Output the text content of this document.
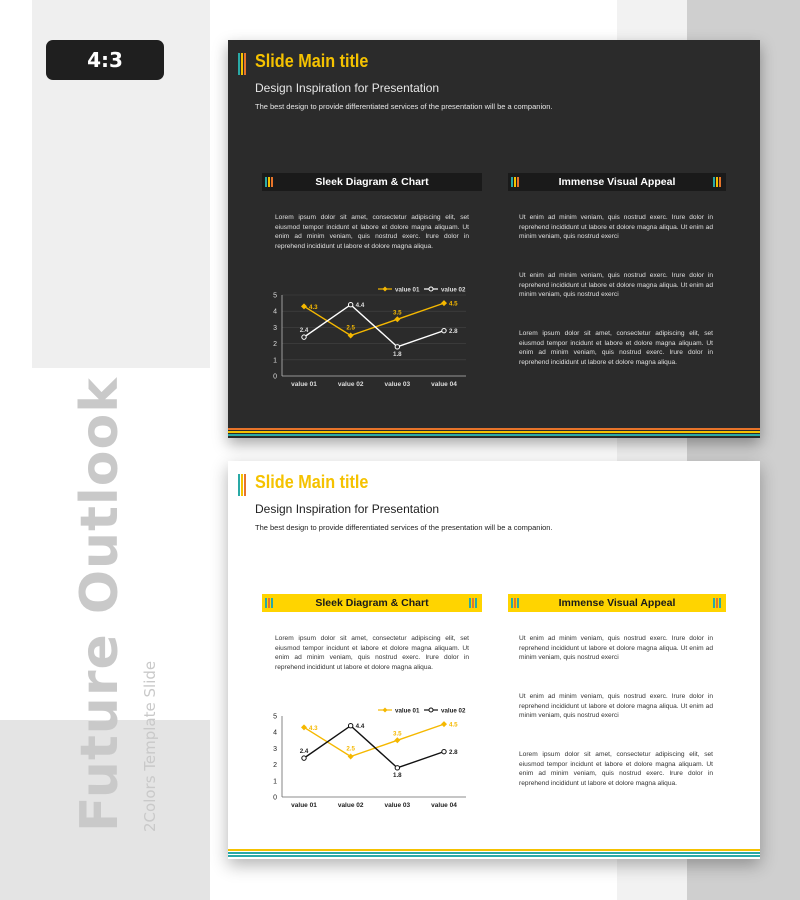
4:3
Future Outlook 2Colors Template Slide
Slide Main title
Design Inspiration for Presentation
The best design to provide differentiated services of the presentation will be a companion.
Sleek Diagram & Chart	Immense Visual Appeal
Lorem ipsum dolor sit amet, consectetur adipiscing elit, set eiusmod tempor incidunt et labore et dolore magna aliquam. Ut enim ad minim veniam, quis nostrud exerc. Irure dolor in reprehend incididunt ut labore et dolore magna aliqua.
Ut enim ad minim veniam, quis nostrud exerc. Irure dolor in reprehend incididunt ut labore et dolore magna aliqua. Ut enim ad minim veniam, quis nostrud exerci
Ut enim ad minim veniam, quis nostrud exerc. Irure dolor in reprehend incididunt ut labore et dolore magna aliqua. Ut enim ad minim veniam, quis nostrud exerci
Lorem ipsum dolor sit amet, consectetur adipiscing elit, set eiusmod tempor incidunt et labore et dolore magna aliquam. Ut enim ad minim veniam, quis nostrud exerc. Irure dolor in reprehend incididunt ut labore et dolore magna aliqua.
0
1
2
3
4
5
value 01	value 02	value 03	value 04
value 01	value 02
4.3
2.5
3.5
4.5
2.4
4.4
1.8
2.8
Slide Main title
Design Inspiration for Presentation
The best design to provide differentiated services of the presentation will be a companion.
Sleek Diagram & Chart	Immense Visual Appeal
Lorem ipsum dolor sit amet, consectetur adipiscing elit, set eiusmod tempor incidunt et labore et dolore magna aliquam. Ut enim ad minim veniam, quis nostrud exerc. Irure dolor in reprehend incididunt ut labore et dolore magna aliqua.
Ut enim ad minim veniam, quis nostrud exerc. Irure dolor in reprehend incididunt ut labore et dolore magna aliqua. Ut enim ad minim veniam, quis nostrud exerci
Ut enim ad minim veniam, quis nostrud exerc. Irure dolor in reprehend incididunt ut labore et dolore magna aliqua. Ut enim ad minim veniam, quis nostrud exerci
Lorem ipsum dolor sit amet, consectetur adipiscing elit, set eiusmod tempor incidunt et labore et dolore magna aliquam. Ut enim ad minim veniam, quis nostrud exerc. Irure dolor in reprehend incididunt ut labore et dolore magna aliqua.
0
1
2
3
4
5
value 01	value 02	value 03	value 04
value 01	value 02
4.3
2.5
3.5
4.5
2.4
4.4
1.8
2.8
